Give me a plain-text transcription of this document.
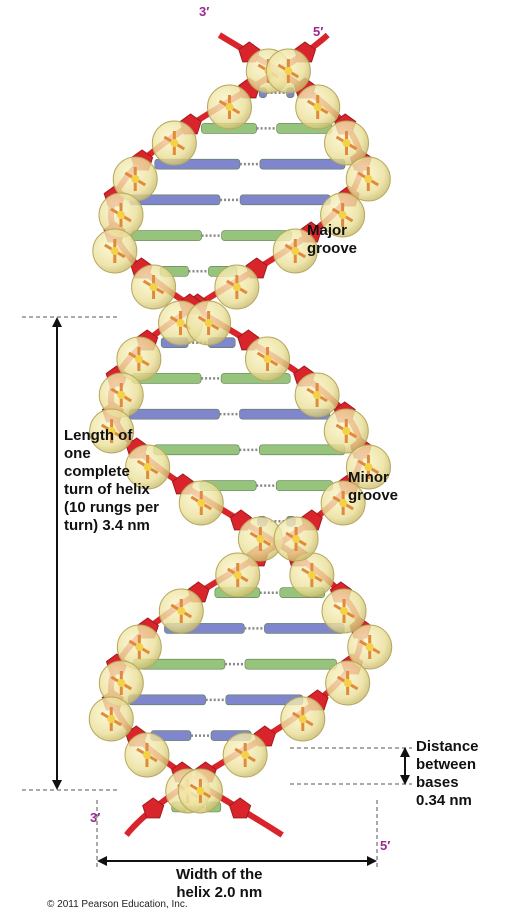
3′
5′
3′
5′
Major
groove
Minor
groove
Length of
one
complete
turn of helix
(10 rungs per
turn) 3.4 nm
Distance
between
bases
0.34 nm
Width of the
helix 2.0 nm
© 2011 Pearson Education, Inc.
